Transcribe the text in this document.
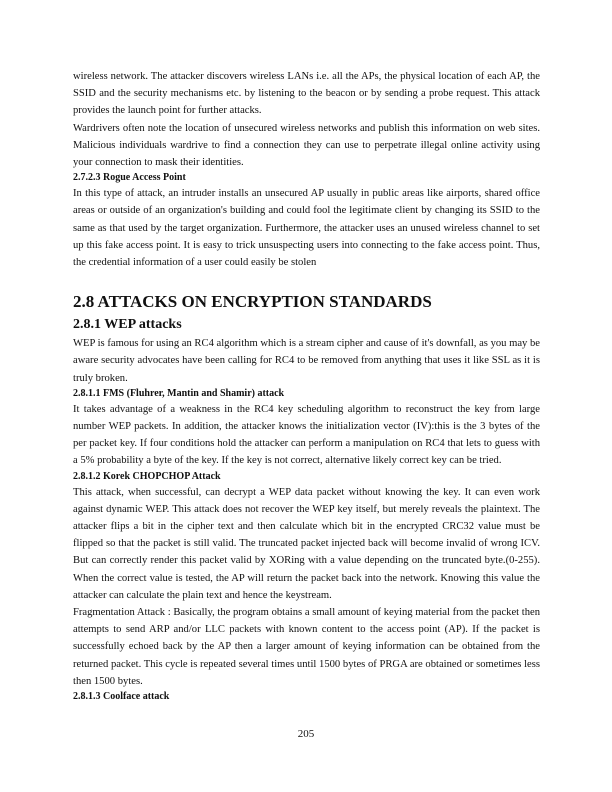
wireless network. The attacker discovers wireless LANs i.e. all the APs, the physical location of each AP, the SSID and the security mechanisms etc. by listening to the beacon or by sending a probe request. This attack provides the launch point for further attacks.

Wardrivers often note the location of unsecured wireless networks and publish this information on web sites. Malicious individuals wardrive to find a connection they can use to perpetrate illegal online activity using your connection to mask their identities.

2.7.2.3 Rogue Access Point

In this type of attack, an intruder installs an unsecured AP usually in public areas like airports, shared office areas or outside of an organization's building and could fool the legitimate client by changing its SSID to the same as that used by the target organization. Furthermore, the attacker uses an unused wireless channel to set up this fake access point. It is easy to trick unsuspecting users into connecting to the fake access point. Thus, the credential information of a user could easily be stolen

2.8 ATTACKS ON ENCRYPTION STANDARDS
2.8.1 WEP attacks

WEP is famous for using an RC4 algorithm which is a stream cipher and cause of it's downfall, as you may be aware security advocates have been calling for RC4 to be removed from anything that uses it like SSL as it is truly broken.

2.8.1.1 FMS (Fluhrer, Mantin and Shamir) attack

It takes advantage of a weakness in the RC4 key scheduling algorithm to reconstruct the key from large number WEP packets. In addition, the attacker knows the initialization vector (IV):this is the 3 bytes of the per packet key. If four conditions hold the attacker can perform a manipulation on RC4 that lets to guess with a 5% probability a byte of the key. If the key is not correct, alternative likely correct key can be tried.

2.8.1.2 Korek CHOPCHOP Attack

This attack, when successful, can decrypt a WEP data packet without knowing the key. It can even work against dynamic WEP. This attack does not recover the WEP key itself, but merely reveals the plaintext. The attacker flips a bit in the cipher text and then calculate which bit in the encrypted CRC32 value must be flipped so that the packet is still valid. The truncated packet injected back will become invalid of wrong ICV. But can correctly render this packet valid by XORing with a value depending on the truncated byte.(0-255). When the correct value is tested, the AP will return the packet back into the network. Knowing this value the attacker can calculate the plain text and hence the keystream.

Fragmentation Attack : Basically, the program obtains a small amount of keying material from the packet then attempts to send ARP and/or LLC packets with known content to the access point (AP). If the packet is successfully echoed back by the AP then a larger amount of keying information can be obtained from the returned packet. This cycle is repeated several times until 1500 bytes of PRGA are obtained or sometimes less then 1500 bytes.

2.8.1.3 Coolface attack

205
